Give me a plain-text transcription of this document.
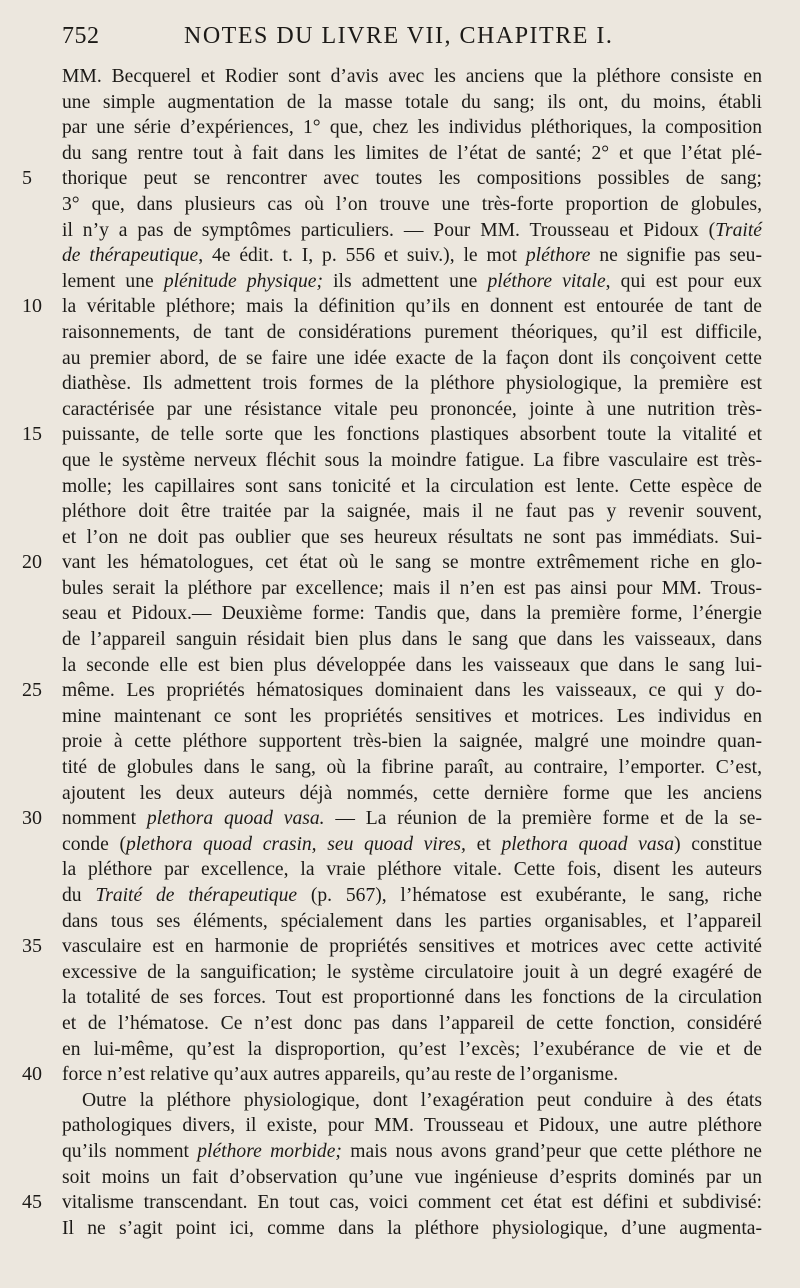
752	NOTES DU LIVRE VII, CHAPITRE I.
MM. Becquerel et Rodier sont d’avis avec les anciens que la pléthore consiste en
une simple augmentation de la masse totale du sang; ils ont, du moins, établi
par une série d’expériences, 1° que, chez les individus pléthoriques, la composition
du sang rentre tout à fait dans les limites de l’état de santé; 2° et que l’état plé-
5	thorique peut se rencontrer avec toutes les compositions possibles de sang;
3° que, dans plusieurs cas où l’on trouve une très-forte proportion de globules,
il n’y a pas de symptômes particuliers. — Pour MM. Trousseau et Pidoux (Traité
de thérapeutique, 4e édit. t. I, p. 556 et suiv.), le mot pléthore ne signifie pas seu-
lement une plénitude physique; ils admettent une pléthore vitale, qui est pour eux
10	la véritable pléthore; mais la définition qu’ils en donnent est entourée de tant de
raisonnements, de tant de considérations purement théoriques, qu’il est difficile,
au premier abord, de se faire une idée exacte de la façon dont ils conçoivent cette
diathèse. Ils admettent trois formes de la pléthore physiologique, la première est
caractérisée par une résistance vitale peu prononcée, jointe à une nutrition très-
15	puissante, de telle sorte que les fonctions plastiques absorbent toute la vitalité et
que le système nerveux fléchit sous la moindre fatigue. La fibre vasculaire est très-
molle; les capillaires sont sans tonicité et la circulation est lente. Cette espèce de
pléthore doit être traitée par la saignée, mais il ne faut pas y revenir souvent,
et l’on ne doit pas oublier que ses heureux résultats ne sont pas immédiats. Sui-
20	vant les hématologues, cet état où le sang se montre extrêmement riche en glo-
bules serait la pléthore par excellence; mais il n’en est pas ainsi pour MM. Trous-
seau et Pidoux.— Deuxième forme: Tandis que, dans la première forme, l’énergie
de l’appareil sanguin résidait bien plus dans le sang que dans les vaisseaux, dans
la seconde elle est bien plus développée dans les vaisseaux que dans le sang lui-
25	même. Les propriétés hématosiques dominaient dans les vaisseaux, ce qui y do-
mine maintenant ce sont les propriétés sensitives et motrices. Les individus en
proie à cette pléthore supportent très-bien la saignée, malgré une moindre quan-
tité de globules dans le sang, où la fibrine paraît, au contraire, l’emporter. C’est,
ajoutent les deux auteurs déjà nommés, cette dernière forme que les anciens
30	nomment plethora quoad vasa. — La réunion de la première forme et de la se-
conde (plethora quoad crasin, seu quoad vires, et plethora quoad vasa) constitue
la pléthore par excellence, la vraie pléthore vitale. Cette fois, disent les auteurs
du Traité de thérapeutique (p. 567), l’hématose est exubérante, le sang, riche
dans tous ses éléments, spécialement dans les parties organisables, et l’appareil
35	vasculaire est en harmonie de propriétés sensitives et motrices avec cette activité
excessive de la sanguification; le système circulatoire jouit à un degré exagéré de
la totalité de ses forces. Tout est proportionné dans les fonctions de la circulation
et de l’hématose. Ce n’est donc pas dans l’appareil de cette fonction, considéré
en lui-même, qu’est la disproportion, qu’est l’excès; l’exubérance de vie et de
40	force n’est relative qu’aux autres appareils, qu’au reste de l’organisme.
Outre la pléthore physiologique, dont l’exagération peut conduire à des états
pathologiques divers, il existe, pour MM. Trousseau et Pidoux, une autre pléthore
qu’ils nomment pléthore morbide; mais nous avons grand’peur que cette pléthore ne
soit moins un fait d’observation qu’une vue ingénieuse d’esprits dominés par un
45	vitalisme transcendant. En tout cas, voici comment cet état est défini et subdivisé:
Il ne s’agit point ici, comme dans la pléthore physiologique, d’une augmenta-
